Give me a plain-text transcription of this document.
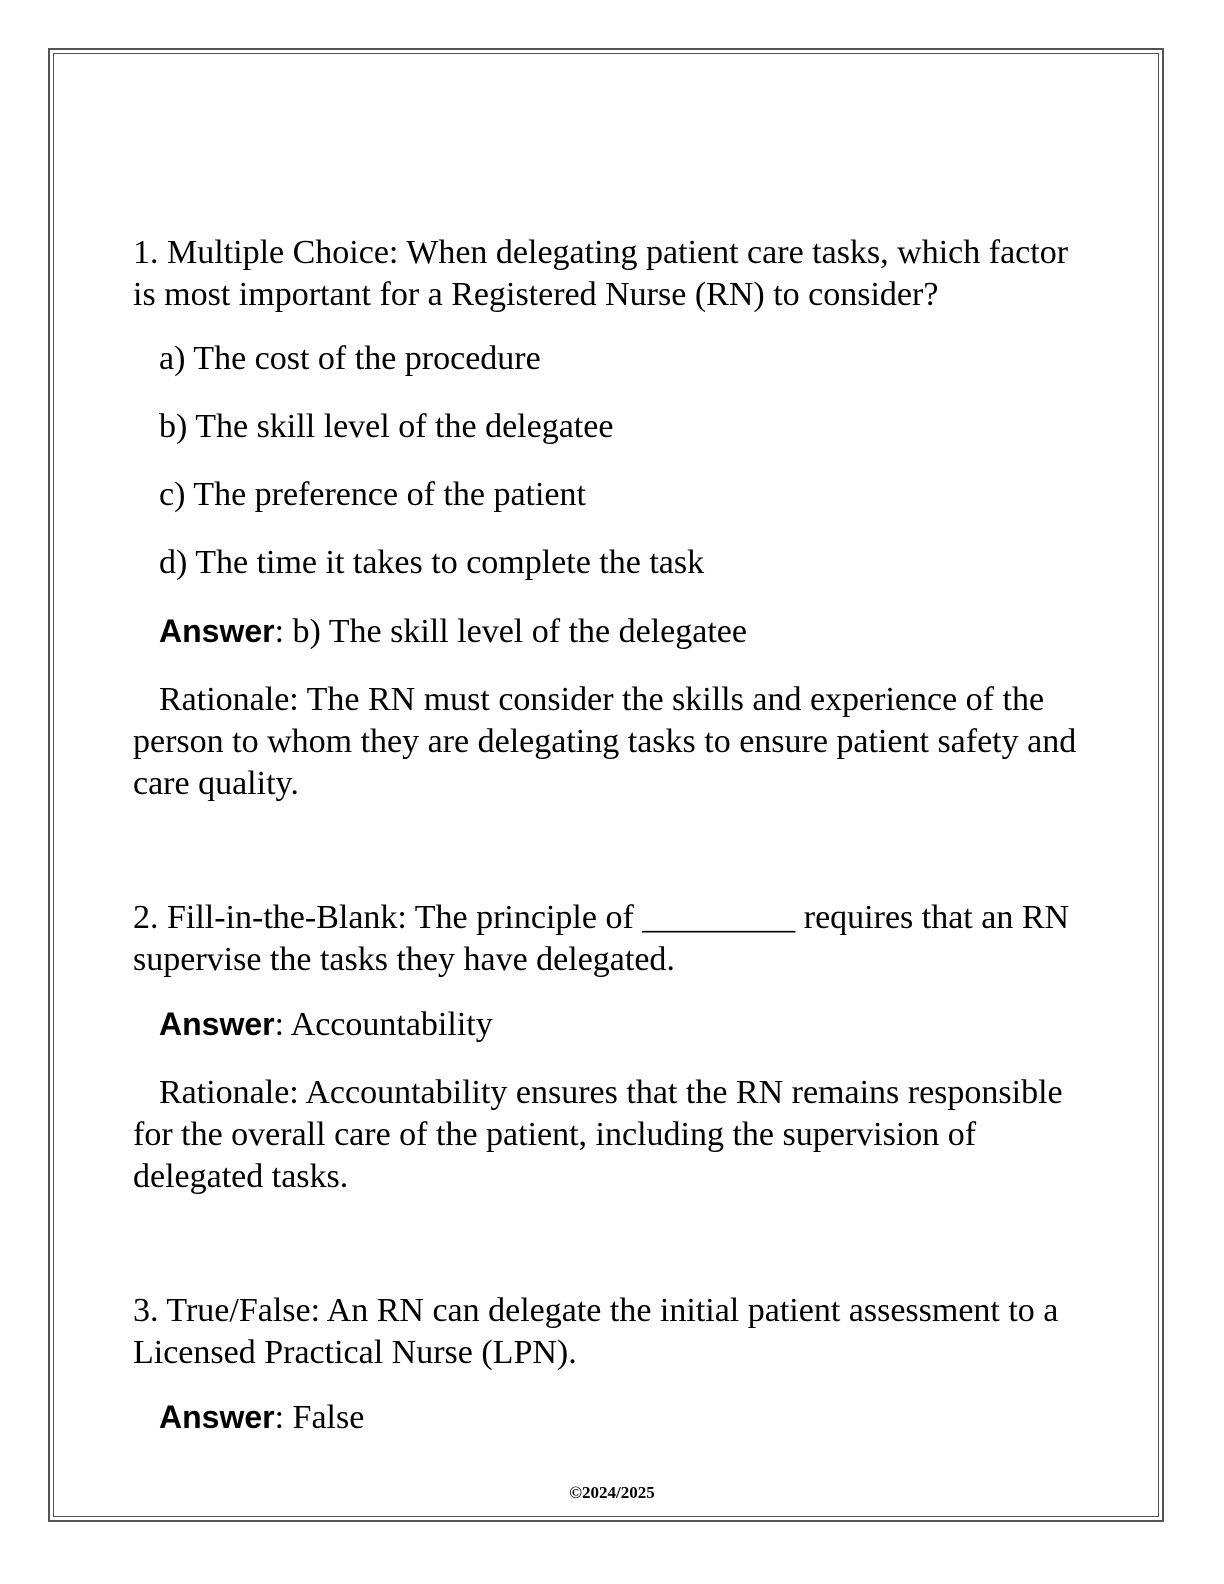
1. Multiple Choice: When delegating patient care tasks, which factor is most important for a Registered Nurse (RN) to consider?

a) The cost of the procedure

b) The skill level of the delegatee

c) The preference of the patient

d) The time it takes to complete the task

Answer: b) The skill level of the delegatee

Rationale: The RN must consider the skills and experience of the person to whom they are delegating tasks to ensure patient safety and care quality.

2. Fill-in-the-Blank: The principle of _________ requires that an RN supervise the tasks they have delegated.

Answer: Accountability

Rationale: Accountability ensures that the RN remains responsible for the overall care of the patient, including the supervision of delegated tasks.

3. True/False: An RN can delegate the initial patient assessment to a Licensed Practical Nurse (LPN).

Answer: False

©2024/2025
